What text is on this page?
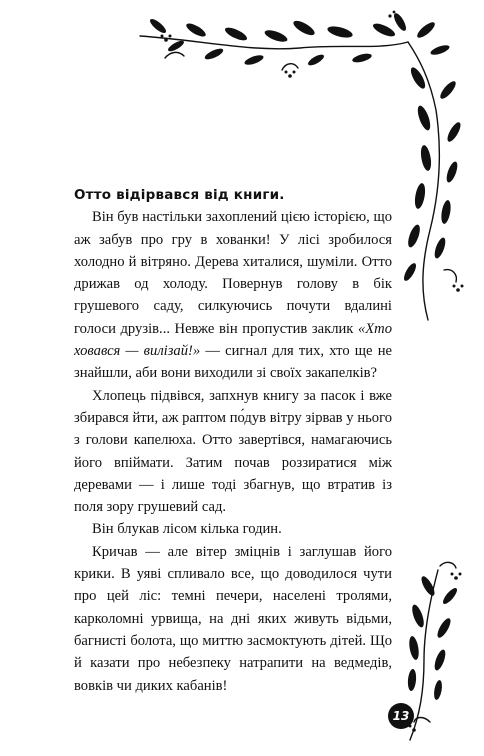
Отто відірвався від книги.

Він був настільки захоплений цією історією, що аж забув про гру в хованки! У лісі зробилося холодно й вітряно. Дерева хиталися, шуміли. Отто дрижав од холоду. Повернув голову в бік грушевого саду, силкуючись почути вдалині голоси друзів... Невже він пропустив заклик «Хто ховався — вилізай!» — сигнал для тих, хто ще не знайшли, аби вони виходили зі своїх закапелків?

Хлопець підвівся, запхнув книгу за пасок і вже збирався йти, аж раптом по́дув вітру зірвав у нього з голови капелюха. Отто завертівся, намагаючись його впіймати. Затим почав роззиратися між деревами — і лише тоді збагнув, що втратив із поля зору грушевий сад.

Він блукав лісом кілька годин.

Кричав — але вітер зміцнів і заглушав його крики. В уяві спливало все, що доводилося чути про цей ліс: темні печери, населені тролями, карколомні урвища, на дні яких живуть відьми, багнисті болота, що миттю засмоктують дітей. Що й казати про небезпеку натрапити на ведмедів, вовків чи диких кабанів!

13
